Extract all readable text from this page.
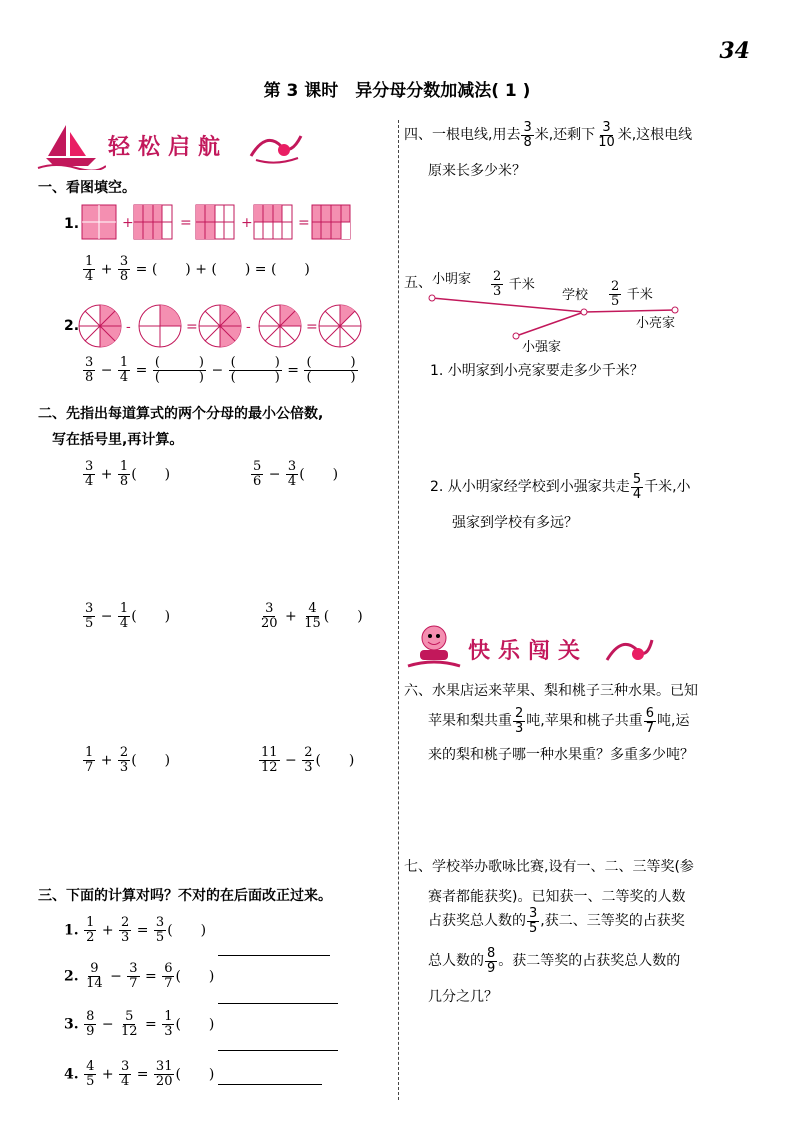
34
第 3 课时　异分母分数加减法( 1 )
轻松启航
一、看图填空。
1.	+	=	+	=
$\frac{1}{4} + \frac{3}{8}$ = (　　) + (　　) = (　　)
2.	-	=	-	=
$\frac{3}{8} - \frac{1}{4} = \frac{( )}{( )} - \frac{( )}{( )} = \frac{( )}{( )}$
二、先指出每道算式的两个分母的最小公倍数,
写在括号里,再计算。
$\frac{3}{4} + \frac{1}{8}$ (　　)	$\frac{5}{6} - \frac{3}{4}$ (　　)
$\frac{3}{5} - \frac{1}{4}$ (　　)	$\frac{3}{20} + \frac{4}{15}$ (　　)
$\frac{1}{7} + \frac{2}{3}$ (　　)	$\frac{11}{12} - \frac{2}{3}$ (　　)
三、下面的计算对吗？不对的在后面改正过来。
1. $\frac{1}{2} + \frac{2}{3} = \frac{3}{5}$ (　　)
2. $\frac{9}{14} - \frac{3}{7} = \frac{6}{7}$ (　　)
3. $\frac{8}{9} - \frac{5}{12} = \frac{1}{3}$ (　　)
4. $\frac{4}{5} + \frac{3}{4} = \frac{31}{20}$ (　　)
四、一根电线,用去 $\frac{3}{8}$ 米,还剩下 $\frac{3}{10}$ 米,这根电线
原来长多少米？
五、 小明家 $\frac{2}{3}$ 千米
学校 $\frac{2}{5}$ 千米
小亮家
小强家
1. 小明家到小亮家要走多少千米？
2. 从小明家经学校到小强家共走 $\frac{5}{4}$ 千米,小
强家到学校有多远？
快乐闯关
六、水果店运来苹果、梨和桃子三种水果。已知
苹果和梨共重 $\frac{2}{3}$ 吨,苹果和桃子共重 $\frac{6}{7}$ 吨,运
来的梨和桃子哪一种水果重？多重多少吨？
七、学校举办歌咏比赛,设有一、二、三等奖(参
赛者都能获奖)。已知获一、二等奖的人数
占获奖总人数的 $\frac{3}{5}$ ,获二、三等奖的占获奖
总人数的 $\frac{8}{9}$ 。获二等奖的占获奖总人数的
几分之几？
